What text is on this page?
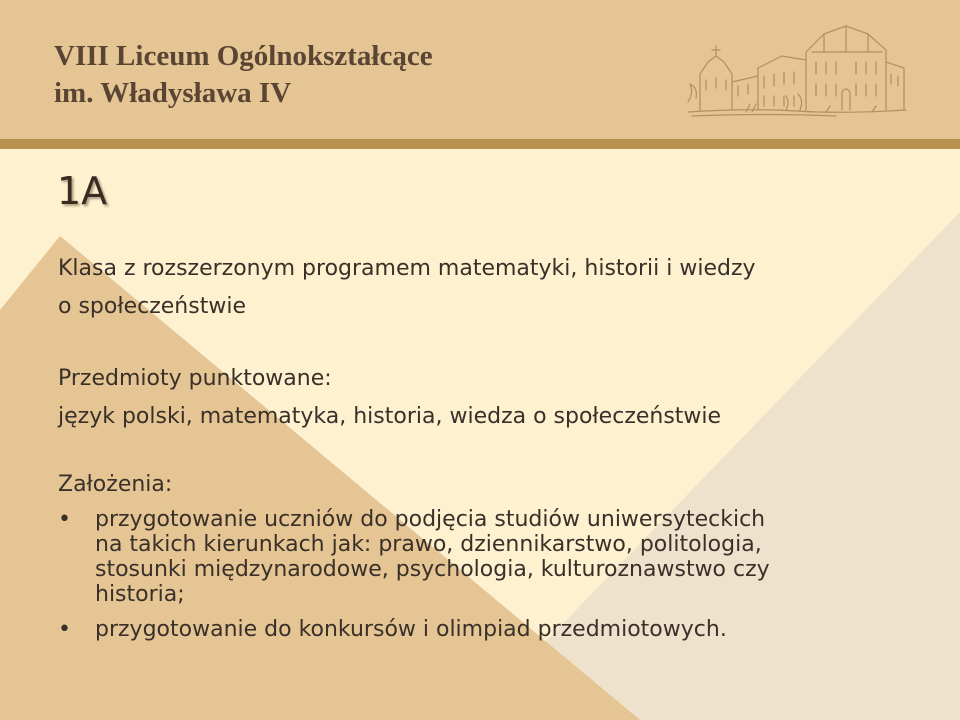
VIII Liceum Ogólnokształcące
im. Władysława IV
1A

Klasa z rozszerzonym programem matematyki, historii i wiedzy

o społeczeństwie

Przedmioty punktowane:

język polski, matematyka, historia, wiedza o społeczeństwie

Założenia:

• przygotowanie uczniów do podjęcia studiów uniwersyteckich
na takich kierunkach jak: prawo, dziennikarstwo, politologia,
stosunki międzynarodowe, psychologia, kulturoznawstwo czy
historia;
• przygotowanie do konkursów i olimpiad przedmiotowych.
